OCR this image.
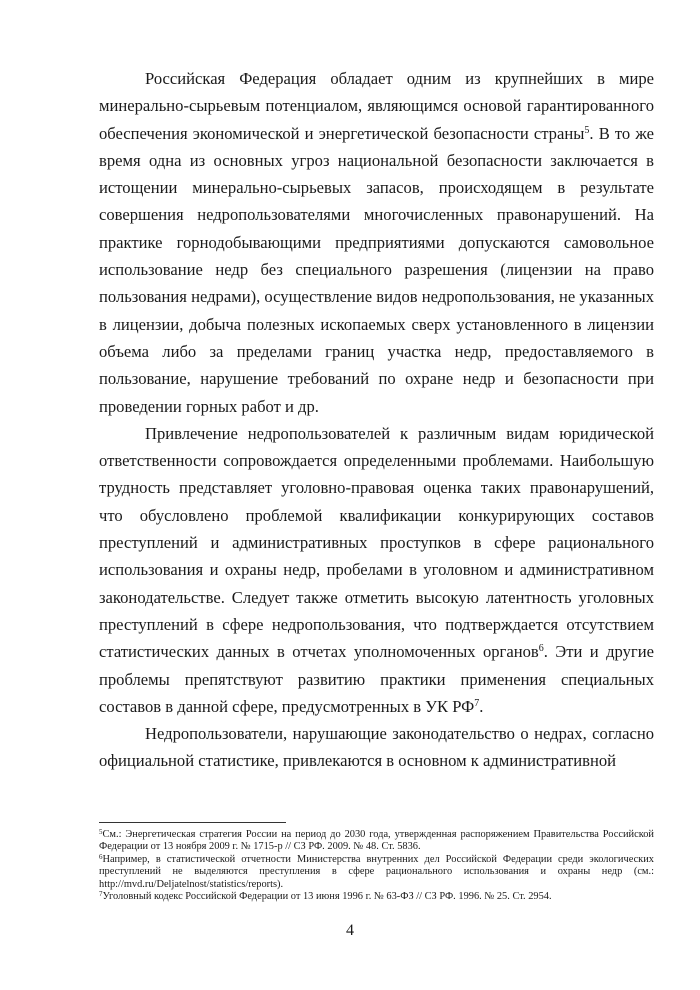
Российская Федерация обладает одним из крупнейших в мире минерально-сырьевым потенциалом, являющимся основой гарантированного обеспечения экономической и энергетической безопасности страны$^5$. В то же время одна из основных угроз национальной безопасности заключается в истощении минерально-сырьевых запасов, происходящем в результате совершения недропользователями многочисленных правонарушений. На практике горнодобывающими предприятиями допускаются самовольное использование недр без специального разрешения (лицензии на право пользования недрами), осуществление видов недропользования, не указанных в лицензии, добыча полезных ископаемых сверх установленного в лицензии объема либо за пределами границ участка недр, предоставляемого в пользование, нарушение требований по охране недр и безопасности при проведении горных работ и др.

Привлечение недропользователей к различным видам юридической ответственности сопровождается определенными проблемами. Наибольшую трудность представляет уголовно-правовая оценка таких правонарушений, что обусловлено проблемой квалификации конкурирующих составов преступлений и административных проступков в сфере рационального использования и охраны недр, пробелами в уголовном и административном законодательстве. Следует также отметить высокую латентность уголовных преступлений в сфере недропользования, что подтверждается отсутствием статистических данных в отчетах уполномоченных органов$^6$. Эти и другие проблемы препятствуют развитию практики применения специальных составов в данной сфере, предусмотренных в УК $РФ^7$.

Недропользователи, нарушающие законодательство о недрах, согласно официальной статистике, привлекаются в основном к административной

$^5$См.: Энергетическая стратегия России на период до 2030 года, утвержденная распоряжением Правительства Российской Федерации от 13 ноября 2009 г. № 1715-р // СЗ РФ. 2009. № 48. Ст. 5836.

$^6$Например, в статистической отчетности Министерства внутренних дел Российской Федерации среди экологических преступлений не выделяются преступления в сфере рационального использования и охраны недр (см.: http://mvd.ru/Deljatelnost/statistics/reports).

$^7$Уголовный кодекс Российской Федерации от 13 июня 1996 г. № 63-ФЗ // СЗ РФ. 1996. № 25. Ст. 2954.

4
